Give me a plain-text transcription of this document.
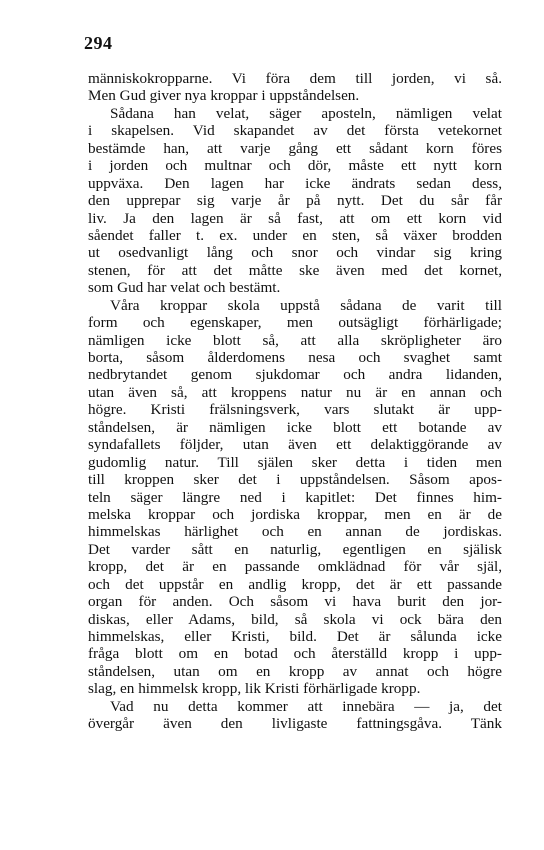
294
människokropparne. Vi föra dem till jorden, vi så.
Men Gud giver nya kroppar i uppståndelsen.
Sådana han velat, säger aposteln, nämligen velat
i skapelsen. Vid skapandet av det första vetekornet
bestämde han, att varje gång ett sådant korn föres
i jorden och multnar och dör, måste ett nytt korn
uppväxa. Den lagen har icke ändrats sedan dess,
den upprepar sig varje år på nytt. Det du sår får
liv. Ja den lagen är så fast, att om ett korn vid
såendet faller t. ex. under en sten, så växer brodden
ut osedvanligt lång och snor och vindar sig kring
stenen, för att det måtte ske även med det kornet,
som Gud har velat och bestämt.
Våra kroppar skola uppstå sådana de varit till
form och egenskaper, men outsägligt förhärligade;
nämligen icke blott så, att alla skröpligheter äro
borta, såsom ålderdomens nesa och svaghet samt
nedbrytandet genom sjukdomar och andra lidanden,
utan även så, att kroppens natur nu är en annan och
högre. Kristi frälsningsverk, vars slutakt är upp-
ståndelsen, är nämligen icke blott ett botande av
syndafallets följder, utan även ett delaktiggörande av
gudomlig natur. Till själen sker detta i tiden men
till kroppen sker det i uppståndelsen. Såsom apos-
teln säger längre ned i kapitlet: Det finnes him-
melska kroppar och jordiska kroppar, men en är de
himmelskas härlighet och en annan de jordiskas.
Det varder sått en naturlig, egentligen en själisk
kropp, det är en passande omklädnad för vår själ,
och det uppstår en andlig kropp, det är ett passande
organ för anden. Och såsom vi hava burit den jor-
diskas, eller Adams, bild, så skola vi ock bära den
himmelskas, eller Kristi, bild. Det är sålunda icke
fråga blott om en botad och återställd kropp i upp-
ståndelsen, utan om en kropp av annat och högre
slag, en himmelsk kropp, lik Kristi förhärligade kropp.
Vad nu detta kommer att innebära — ja, det
övergår även den livligaste fattningsgåva. Tänk
